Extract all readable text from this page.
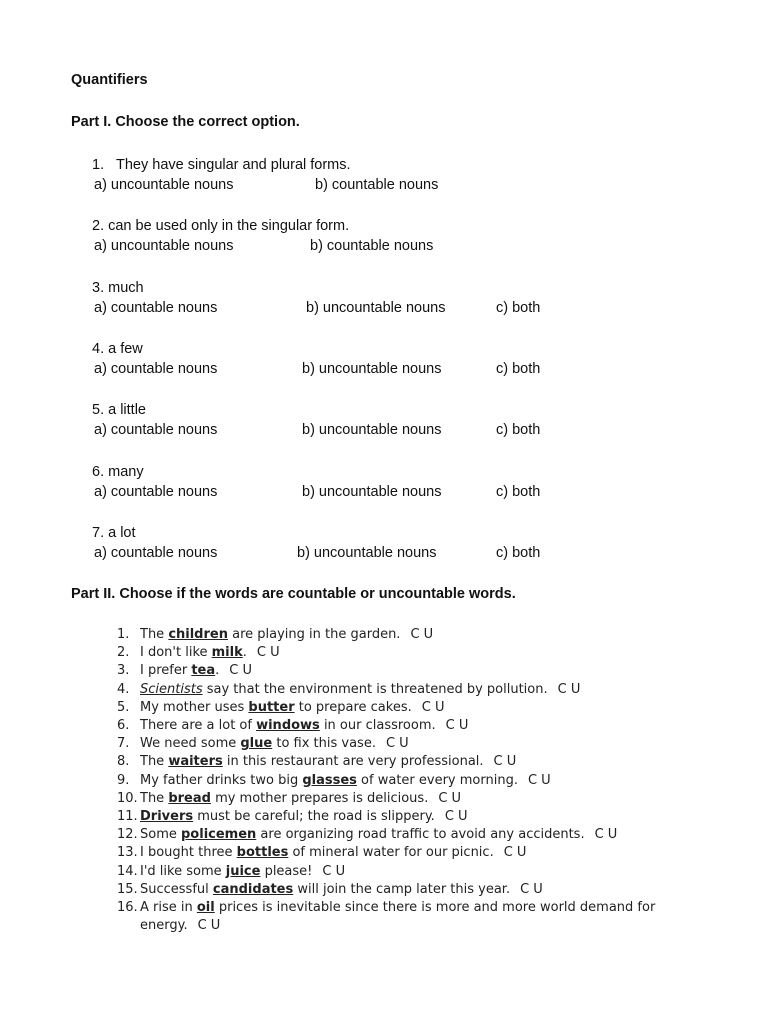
Quantifiers
Part I. Choose the correct option.
1. They have singular and plural forms.
a) uncountable nouns	b) countable nouns
2. can be used only in the singular form.
a) uncountable nouns	b) countable nouns
3. much
a) countable nouns	b) uncountable nouns	c) both
4. a few
a) countable nouns	b) uncountable nouns	c) both
5. a little
a) countable nouns	b) uncountable nouns	c) both
6. many
a) countable nouns	b) uncountable nouns	c) both
7. a lot
a) countable nouns	b) uncountable nouns	c) both
Part II. Choose if the words are countable or uncountable words.
1. The children are playing in the garden. C U
2. I don't like milk. C U
3. I prefer tea. C U
4. Scientists say that the environment is threatened by pollution. C U
5. My mother uses butter to prepare cakes. C U
6. There are a lot of windows in our classroom. C U
7. We need some glue to fix this vase. C U
8. The waiters in this restaurant are very professional. C U
9. My father drinks two big glasses of water every morning. C U
10. The bread my mother prepares is delicious. C U
11. Drivers must be careful; the road is slippery. C U
12. Some policemen are organizing road traffic to avoid any accidents. C U
13. I bought three bottles of mineral water for our picnic. C U
14. I'd like some juice please! C U
15. Successful candidates will join the camp later this year. C U
16. A rise in oil prices is inevitable since there is more and more world demand for energy. C U
